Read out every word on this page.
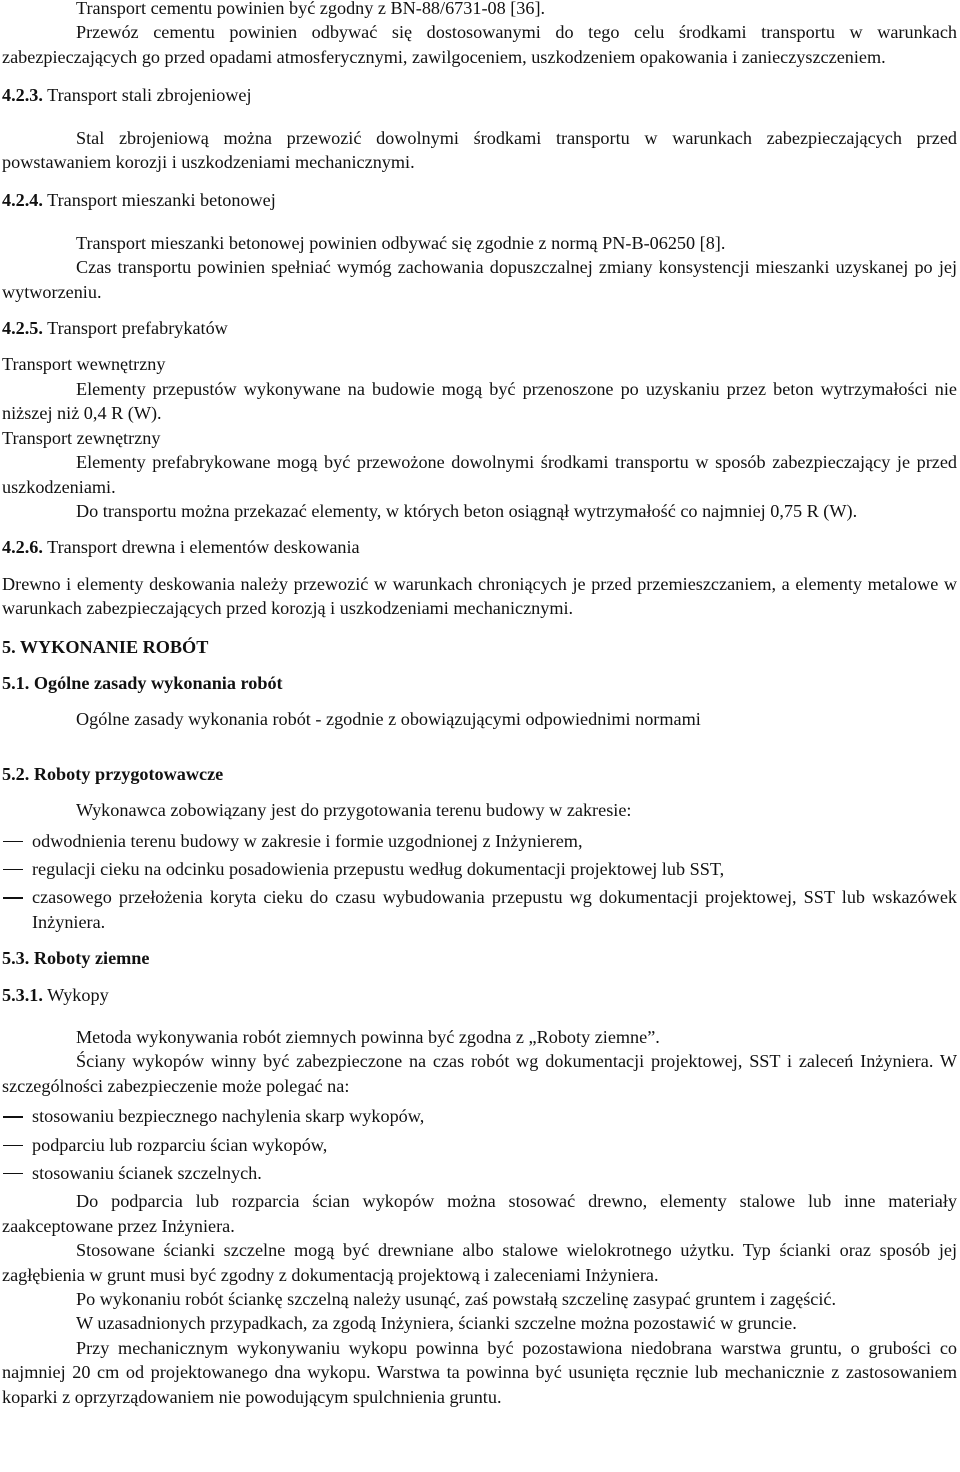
Transport cementu powinien być zgodny z BN-88/6731-08 [36].

Przewóz cementu powinien odbywać się dostosowanymi do tego celu środkami transportu w warunkach zabezpieczających go przed opadami atmosferycznymi, zawilgoceniem, uszkodzeniem opakowania i zanieczyszczeniem.

4.2.3. Transport stali zbrojeniowej

Stal zbrojeniową można przewozić dowolnymi środkami transportu w warunkach zabezpieczających przed powstawaniem korozji i uszkodzeniami mechanicznymi.

4.2.4. Transport mieszanki betonowej

Transport mieszanki betonowej powinien odbywać się zgodnie z normą PN-B-06250 [8].

Czas transportu powinien spełniać wymóg zachowania dopuszczalnej zmiany konsystencji mieszanki uzyskanej po jej wytworzeniu.

4.2.5. Transport prefabrykatów

Transport wewnętrzny

Elementy przepustów wykonywane na budowie mogą być przenoszone po uzyskaniu przez beton wytrzymałości nie niższej niż 0,4 R (W).

Transport zewnętrzny

Elementy prefabrykowane mogą być przewożone dowolnymi środkami transportu w sposób zabezpieczający je przed uszkodzeniami.

Do transportu można przekazać elementy, w których beton osiągnął wytrzymałość co najmniej 0,75 R (W).

4.2.6. Transport drewna i elementów deskowania

Drewno i elementy deskowania należy przewozić w warunkach chroniących je przed przemieszczaniem, a elementy metalowe w warunkach zabezpieczających przed korozją i uszkodzeniami mechanicznymi.

5. WYKONANIE ROBÓT
5.1. Ogólne zasady wykonania robót

Ogólne zasady wykonania robót - zgodnie z obowiązującymi odpowiednimi normami

5.2. Roboty przygotowawcze

Wykonawca zobowiązany jest do przygotowania terenu budowy w zakresie:

odwodnienia terenu budowy w zakresie i formie uzgodnionej z Inżynierem,
regulacji cieku na odcinku posadowienia przepustu według dokumentacji projektowej lub SST,
czasowego przełożenia koryta cieku do czasu wybudowania przepustu wg dokumentacji projektowej, SST lub wskazówek Inżyniera.
5.3. Roboty ziemne
5.3.1. Wykopy

Metoda wykonywania robót ziemnych powinna być zgodna z „Roboty ziemne”.

Ściany wykopów winny być zabezpieczone na czas robót wg dokumentacji projektowej, SST i zaleceń Inżyniera. W szczególności zabezpieczenie może polegać na:

stosowaniu bezpiecznego nachylenia skarp wykopów,
podparciu lub rozparciu ścian wykopów,
stosowaniu ścianek szczelnych.

Do podparcia lub rozparcia ścian wykopów można stosować drewno, elementy stalowe lub inne materiały zaakceptowane przez Inżyniera.

Stosowane ścianki szczelne mogą być drewniane albo stalowe wielokrotnego użytku. Typ ścianki oraz sposób jej zagłębienia w grunt musi być zgodny z dokumentacją projektową i zaleceniami Inżyniera.

Po wykonaniu robót ściankę szczelną należy usunąć, zaś powstałą szczelinę zasypać gruntem i zagęścić.

W uzasadnionych przypadkach, za zgodą Inżyniera, ścianki szczelne można pozostawić w gruncie.

Przy mechanicznym wykonywaniu wykopu powinna być pozostawiona niedobrana warstwa gruntu, o grubości co najmniej 20 cm od projektowanego dna wykopu. Warstwa ta powinna być usunięta ręcznie lub mechanicznie z zastosowaniem koparki z oprzyrządowaniem nie powodującym spulchnienia gruntu.
